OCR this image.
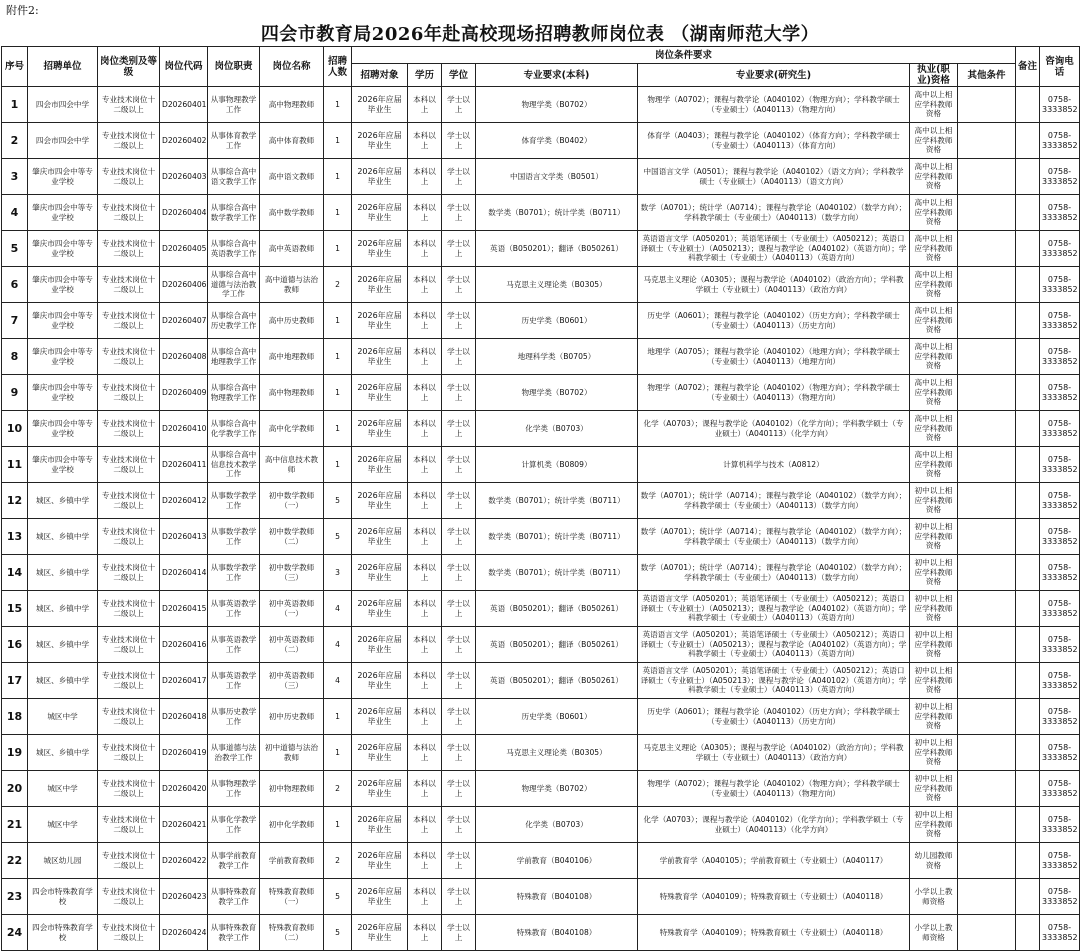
附件2:
四会市教育局2026年赴高校现场招聘教师岗位表 （湖南师范大学）
序号	招聘单位	岗位类别及等级	岗位代码	岗位职责	岗位名称	招聘人数	岗位条件要求							备注	咨询电话
							招聘对象	学历	学位	专业要求(本科)	专业要求(研究生)	执业(职业)资格	其他条件		
1	四会市四会中学	专业技术岗位十二级以上	D20260401	从事物理教学工作	高中物理教师	1	2026年应届毕业生	本科以上	学士以上	物理学类（B0702）	物理学（A0702）；课程与教学论（A040102）（物理方向）；学科教学硕士（专业硕士）（A040113）（物理方向）	高中以上相应学科教师资格			0758-3333852
2	四会市四会中学	专业技术岗位十二级以上	D20260402	从事体育教学工作	高中体育教师	1	2026年应届毕业生	本科以上	学士以上	体育学类（B0402）	体育学（A0403）；课程与教学论（A040102）（体育方向）；学科教学硕士（专业硕士）（A040113）（体育方向）	高中以上相应学科教师资格			0758-3333852
3	肇庆市四会中等专业学校	专业技术岗位十二级以上	D20260403	从事综合高中语文教学工作	高中语文教师	1	2026年应届毕业生	本科以上	学士以上	中国语言文学类（B0501）	中国语言文学（A0501）；课程与教学论（A040102）（语文方向）；学科教学硕士（专业硕士）（A040113）（语文方向）	高中以上相应学科教师资格			0758-3333852
4	肇庆市四会中等专业学校	专业技术岗位十二级以上	D20260404	从事综合高中数学教学工作	高中数学教师	1	2026年应届毕业生	本科以上	学士以上	数学类（B0701）；统计学类（B0711）	数学（A0701）；统计学（A0714）；课程与教学论（A040102）（数学方向）；学科教学硕士（专业硕士）（A040113）（数学方向）	高中以上相应学科教师资格			0758-3333852
5	肇庆市四会中等专业学校	专业技术岗位十二级以上	D20260405	从事综合高中英语教学工作	高中英语教师	1	2026年应届毕业生	本科以上	学士以上	英语（B050201）；翻译（B050261）	英语语言文学（A050201）；英语笔译硕士（专业硕士）（A050212）；英语口译硕士（专业硕士）（A050213）；课程与教学论（A040102）（英语方向）；学科教学硕士（专业硕士）（A040113）（英语方向）	高中以上相应学科教师资格			0758-3333852
6	肇庆市四会中等专业学校	专业技术岗位十二级以上	D20260406	从事综合高中道德与法治教学工作	高中道德与法治教师	2	2026年应届毕业生	本科以上	学士以上	马克思主义理论类（B0305）	马克思主义理论（A0305）；课程与教学论（A040102）（政治方向）；学科教学硕士（专业硕士）（A040113）（政治方向）	高中以上相应学科教师资格			0758-3333852
7	肇庆市四会中等专业学校	专业技术岗位十二级以上	D20260407	从事综合高中历史教学工作	高中历史教师	1	2026年应届毕业生	本科以上	学士以上	历史学类（B0601）	历史学（A0601）；课程与教学论（A040102）（历史方向）；学科教学硕士（专业硕士）（A040113）（历史方向）	高中以上相应学科教师资格			0758-3333852
8	肇庆市四会中等专业学校	专业技术岗位十二级以上	D20260408	从事综合高中地理教学工作	高中地理教师	1	2026年应届毕业生	本科以上	学士以上	地理科学类（B0705）	地理学（A0705）；课程与教学论（A040102）（地理方向）；学科教学硕士（专业硕士）（A040113）（地理方向）	高中以上相应学科教师资格			0758-3333852
9	肇庆市四会中等专业学校	专业技术岗位十二级以上	D20260409	从事综合高中物理教学工作	高中物理教师	1	2026年应届毕业生	本科以上	学士以上	物理学类（B0702）	物理学（A0702）；课程与教学论（A040102）（物理方向）；学科教学硕士（专业硕士）（A040113）（物理方向）	高中以上相应学科教师资格			0758-3333852
10	肇庆市四会中等专业学校	专业技术岗位十二级以上	D20260410	从事综合高中化学教学工作	高中化学教师	1	2026年应届毕业生	本科以上	学士以上	化学类（B0703）	化学（A0703）；课程与教学论（A040102）（化学方向）；学科教学硕士（专业硕士）（A040113）（化学方向）	高中以上相应学科教师资格			0758-3333852
11	肇庆市四会中等专业学校	专业技术岗位十二级以上	D20260411	从事综合高中信息技术教学工作	高中信息技术教师	1	2026年应届毕业生	本科以上	学士以上	计算机类（B0809）	计算机科学与技术（A0812）	高中以上相应学科教师资格			0758-3333852
12	城区、乡镇中学	专业技术岗位十二级以上	D20260412	从事数学教学工作	初中数学教师（一）	5	2026年应届毕业生	本科以上	学士以上	数学类（B0701）；统计学类（B0711）	数学（A0701）；统计学（A0714）；课程与教学论（A040102）（数学方向）；学科教学硕士（专业硕士）（A040113）（数学方向）	初中以上相应学科教师资格			0758-3333852
13	城区、乡镇中学	专业技术岗位十二级以上	D20260413	从事数学教学工作	初中数学教师（二）	5	2026年应届毕业生	本科以上	学士以上	数学类（B0701）；统计学类（B0711）	数学（A0701）；统计学（A0714）；课程与教学论（A040102）（数学方向）；学科教学硕士（专业硕士）（A040113）（数学方向）	初中以上相应学科教师资格			0758-3333852
14	城区、乡镇中学	专业技术岗位十二级以上	D20260414	从事数学教学工作	初中数学教师（三）	3	2026年应届毕业生	本科以上	学士以上	数学类（B0701）；统计学类（B0711）	数学（A0701）；统计学（A0714）；课程与教学论（A040102）（数学方向）；学科教学硕士（专业硕士）（A040113）（数学方向）	初中以上相应学科教师资格			0758-3333852
15	城区、乡镇中学	专业技术岗位十二级以上	D20260415	从事英语教学工作	初中英语教师（一）	4	2026年应届毕业生	本科以上	学士以上	英语（B050201）；翻译（B050261）	英语语言文学（A050201）；英语笔译硕士（专业硕士）（A050212）；英语口译硕士（专业硕士）（A050213）；课程与教学论（A040102）（英语方向）；学科教学硕士（专业硕士）（A040113）（英语方向）	初中以上相应学科教师资格			0758-3333852
16	城区、乡镇中学	专业技术岗位十二级以上	D20260416	从事英语教学工作	初中英语教师（二）	4	2026年应届毕业生	本科以上	学士以上	英语（B050201）；翻译（B050261）	英语语言文学（A050201）；英语笔译硕士（专业硕士）（A050212）；英语口译硕士（专业硕士）（A050213）；课程与教学论（A040102）（英语方向）；学科教学硕士（专业硕士）（A040113）（英语方向）	初中以上相应学科教师资格			0758-3333852
17	城区、乡镇中学	专业技术岗位十二级以上	D20260417	从事英语教学工作	初中英语教师（三）	4	2026年应届毕业生	本科以上	学士以上	英语（B050201）；翻译（B050261）	英语语言文学（A050201）；英语笔译硕士（专业硕士）（A050212）；英语口译硕士（专业硕士）（A050213）；课程与教学论（A040102）（英语方向）；学科教学硕士（专业硕士）（A040113）（英语方向）	初中以上相应学科教师资格			0758-3333852
18	城区中学	专业技术岗位十二级以上	D20260418	从事历史教学工作	初中历史教师	1	2026年应届毕业生	本科以上	学士以上	历史学类（B0601）	历史学（A0601）；课程与教学论（A040102）（历史方向）；学科教学硕士（专业硕士）（A040113）（历史方向）	初中以上相应学科教师资格			0758-3333852
19	城区、乡镇中学	专业技术岗位十二级以上	D20260419	从事道德与法治教学工作	初中道德与法治教师	1	2026年应届毕业生	本科以上	学士以上	马克思主义理论类（B0305）	马克思主义理论（A0305）；课程与教学论（A040102）（政治方向）；学科教学硕士（专业硕士）（A040113）（政治方向）	初中以上相应学科教师资格			0758-3333852
20	城区中学	专业技术岗位十二级以上	D20260420	从事物理教学工作	初中物理教师	2	2026年应届毕业生	本科以上	学士以上	物理学类（B0702）	物理学（A0702）；课程与教学论（A040102）（物理方向）；学科教学硕士（专业硕士）（A040113）（物理方向）	初中以上相应学科教师资格			0758-3333852
21	城区中学	专业技术岗位十二级以上	D20260421	从事化学教学工作	初中化学教师	1	2026年应届毕业生	本科以上	学士以上	化学类（B0703）	化学（A0703）；课程与教学论（A040102）（化学方向）；学科教学硕士（专业硕士）（A040113）（化学方向）	初中以上相应学科教师资格			0758-3333852
22	城区幼儿园	专业技术岗位十二级以上	D20260422	从事学前教育教学工作	学前教育教师	2	2026年应届毕业生	本科以上	学士以上	学前教育（B040106）	学前教育学（A040105）；学前教育硕士（专业硕士）（A040117）	幼儿园教师资格			0758-3333852
23	四会市特殊教育学校	专业技术岗位十二级以上	D20260423	从事特殊教育教学工作	特殊教育教师（一）	5	2026年应届毕业生	本科以上	学士以上	特殊教育（B040108）	特殊教育学（A040109）；特殊教育硕士（专业硕士）（A040118）	小学以上教师资格			0758-3333852
24	四会市特殊教育学校	专业技术岗位十二级以上	D20260424	从事特殊教育教学工作	特殊教育教师（二）	5	2026年应届毕业生	本科以上	学士以上	特殊教育（B040108）	特殊教育学（A040109）；特殊教育硕士（专业硕士）（A040118）	小学以上教师资格			0758-3333852
